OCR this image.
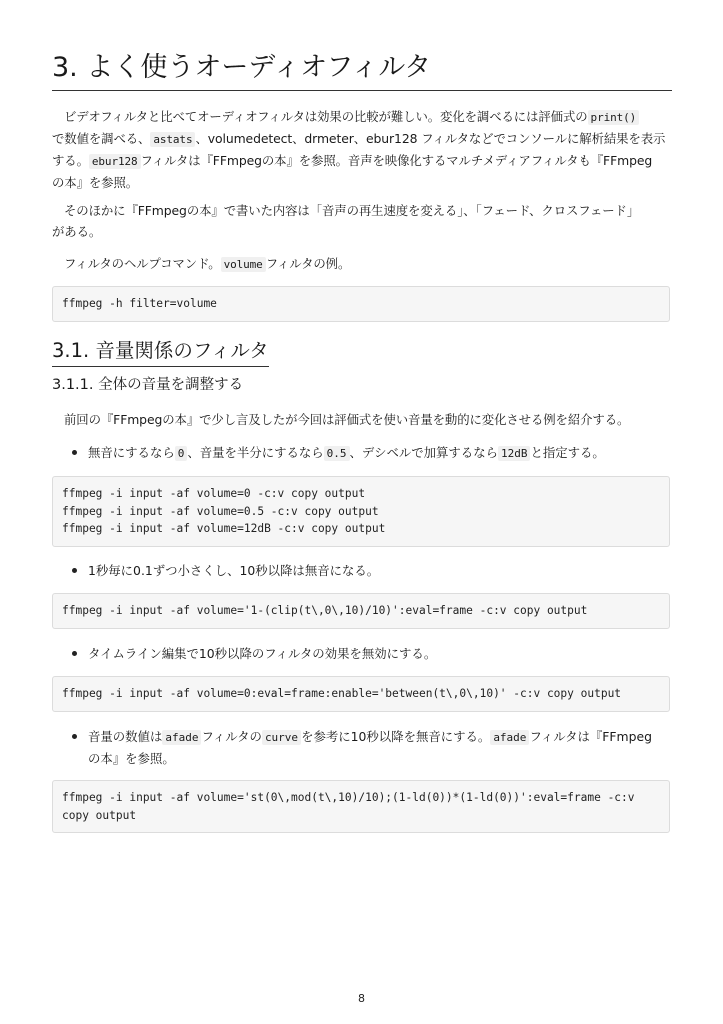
3. よく使うオーディオフィルタ
ビデオフィルタと比べてオーディオフィルタは効果の比較が難しい。変化を調べるには評価式の print()
で数値を調べる、 astats 、volumedetect、drmeter、ebur128 フィルタなどでコンソールに解析結果を表示
する。 ebur128 フィルタは『FFmpegの本』を参照。音声を映像化するマルチメディアフィルタも『FFmpeg
の本』を参照。
そのほかに『FFmpegの本』で書いた内容は「音声の再生速度を変える」、「フェード、クロスフェード」
がある。
フィルタのヘルプコマンド。 volume フィルタの例。
ffmpeg -h filter=volume
3.1. 音量関係のフィルタ
3.1.1. 全体の音量を調整する
前回の『FFmpegの本』で少し言及したが今回は評価式を使い音量を動的に変化させる例を紹介する。
無音にするなら 0 、音量を半分にするなら 0.5 、デシベルで加算するなら 12dB と指定する。
ffmpeg -i input -af volume=0 -c:v copy output
ffmpeg -i input -af volume=0.5 -c:v copy output
ffmpeg -i input -af volume=12dB -c:v copy output
1秒毎に0.1ずつ小さくし、10秒以降は無音になる。
ffmpeg -i input -af volume='1-(clip(t\,0\,10)/10)':eval=frame -c:v copy output
タイムライン編集で10秒以降のフィルタの効果を無効にする。
ffmpeg -i input -af volume=0:eval=frame:enable='between(t\,0\,10)' -c:v copy output
音量の数値は afade フィルタの curve を参考に10秒以降を無音にする。 afade フィルタは『FFmpeg
の本』を参照。
ffmpeg -i input -af volume='st(0\,mod(t\,10)/10);(1-ld(0))*(1-ld(0))':eval=frame -c:v
copy output
8
